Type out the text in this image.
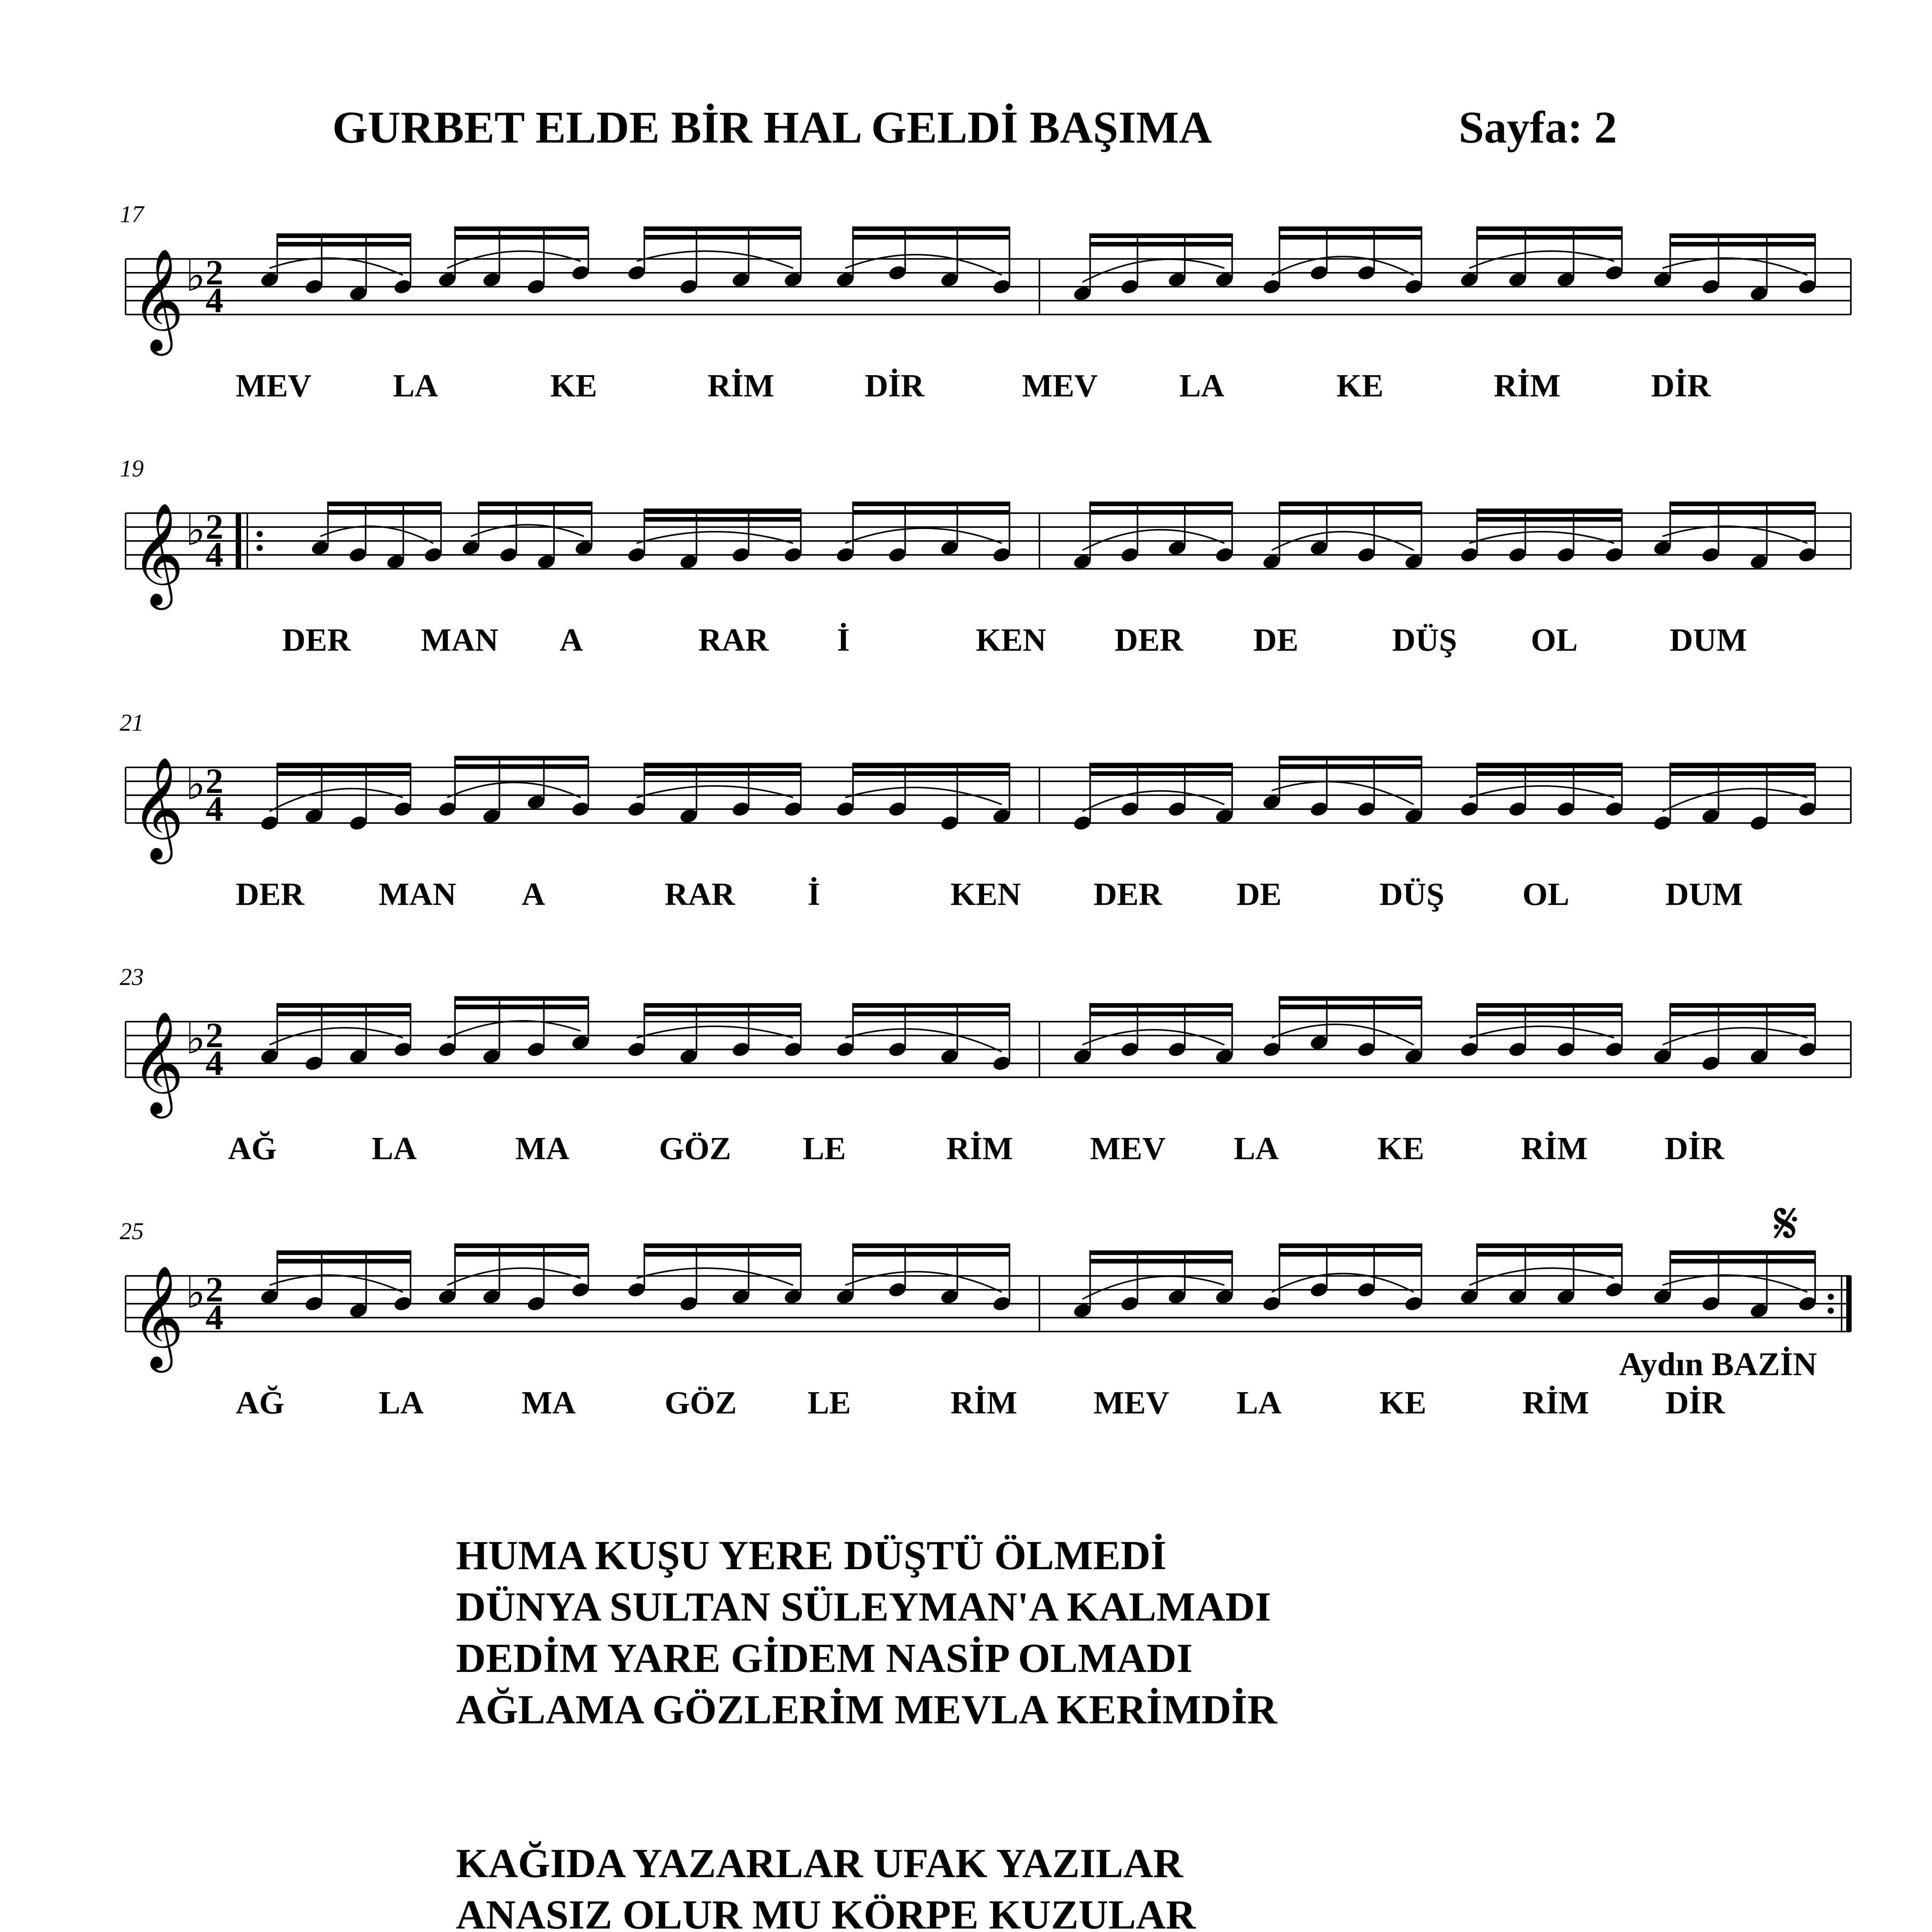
GURBET ELDE BİR HAL GELDİ BAŞIMA	Sayfa: 2
17
𝄞 ♭ 2
4
MEV	LA	KE	RİM	DİR	MEV	LA	KE	RİM	DİR
19
𝄞 ♭ 2
4
DER MAN A	RAR İ	KEN DER DE	DÜŞ OL	DUM
21
𝄞 ♭ 2
4
DER MAN A	RAR İ	KEN DER DE	DÜŞ OL	DUM
23
𝄞 ♭ 2
4
AĞ	LA	MA	GÖZ LE	RİM MEV LA	KE	RİM DİR
25
𝄞 ♭ 2
4
AĞ	LA	MA	GÖZ LE	RİM MEV LA	KE	RİM DİR
𝄋
Aydın BAZİN
HUMA KUŞU YERE DÜŞTÜ ÖLMEDİ
DÜNYA SULTAN SÜLEYMAN'A KALMADI
DEDİM YARE GİDEM NASİP OLMADI
AĞLAMA GÖZLERİM MEVLA KERİMDİR
KAĞIDA YAZARLAR UFAK YAZILAR
ANASIZ OLUR MU KÖRPE KUZULAR
